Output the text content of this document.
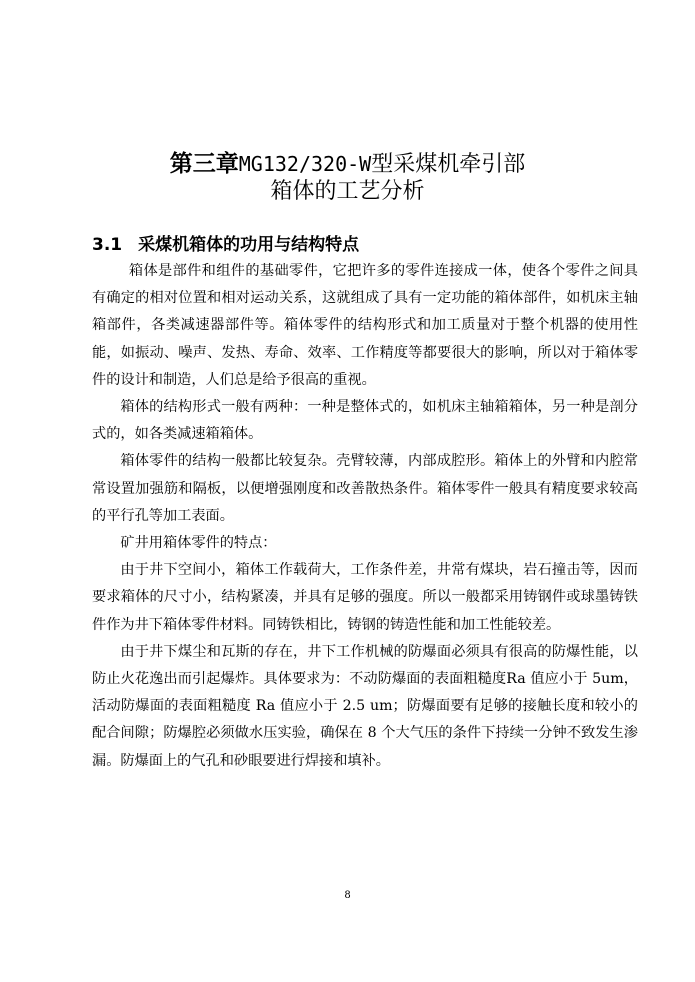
第三章MG132/320-W型采煤机牵引部
箱体的工艺分析
3.1 采煤机箱体的功用与结构特点

箱体是部件和组件的基础零件，它把许多的零件连接成一体，使各个零件之间具有确定的相对位置和相对运动关系，这就组成了具有一定功能的箱体部件，如机床主轴箱部件，各类减速器部件等。箱体零件的结构形式和加工质量对于整个机器的使用性能，如振动、噪声、发热、寿命、效率、工作精度等都要很大的影响，所以对于箱体零件的设计和制造，人们总是给予很高的重视。

箱体的结构形式一般有两种：一种是整体式的，如机床主轴箱箱体，另一种是剖分式的，如各类减速箱箱体。

箱体零件的结构一般都比较复杂。壳臂较薄，内部成腔形。箱体上的外臂和内腔常常设置加强筋和隔板，以便增强刚度和改善散热条件。箱体零件一般具有精度要求较高的平行孔等加工表面。

矿井用箱体零件的特点：

由于井下空间小，箱体工作载荷大，工作条件差，井常有煤块，岩石撞击等，因而要求箱体的尺寸小，结构紧凑，并具有足够的强度。所以一般都采用铸钢件或球墨铸铁件作为井下箱体零件材料。同铸铁相比，铸钢的铸造性能和加工性能较差。

由于井下煤尘和瓦斯的存在，井下工作机械的防爆面必须具有很高的防爆性能，以防止火花逸出而引起爆炸。具体要求为：不动防爆面的表面粗糙度Ra 值应小于 5um，活动防爆面的表面粗糙度 Ra 值应小于 2.5 um；防爆面要有足够的接触长度和较小的配合间隙；防爆腔必须做水压实验，确保在 8 个大气压的条件下持续一分钟不致发生渗漏。防爆面上的气孔和砂眼要进行焊接和填补。

8
